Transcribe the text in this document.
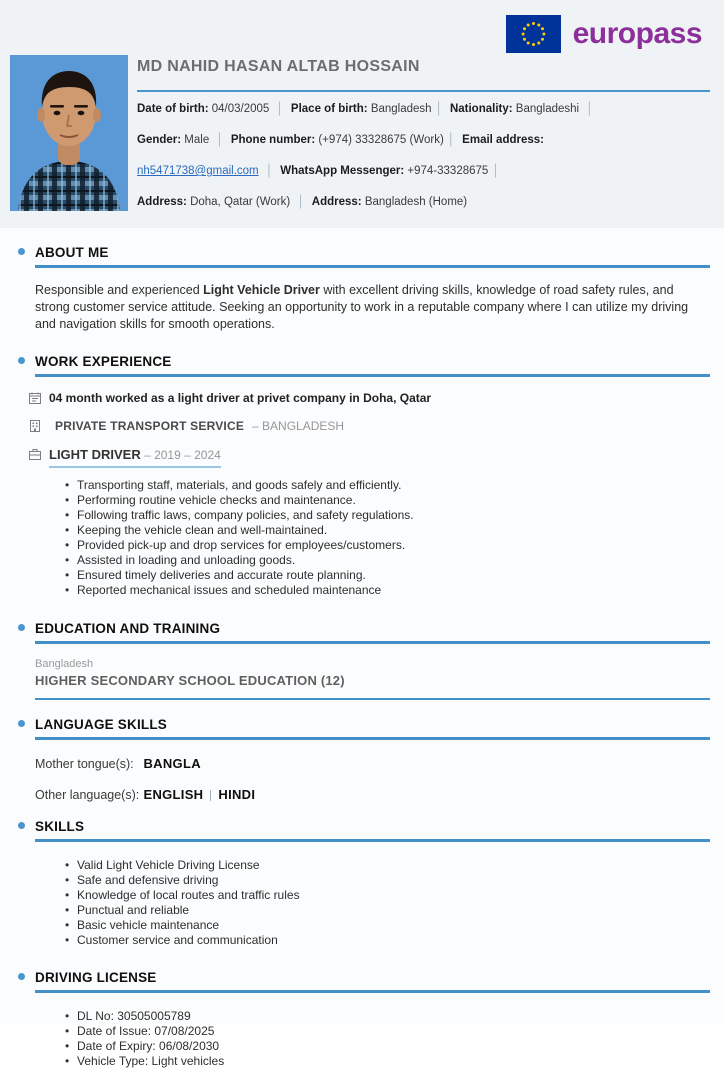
europass
MD NAHID HASAN ALTAB HOSSAIN
Date of birth: 04/03/2005 │ Place of birth: Bangladesh │ Nationality: Bangladeshi │
Gender: Male │ Phone number: (+974) 33328675 (Work) │ Email address:
nh5471738@gmail.com │ WhatsApp Messenger: +974-33328675 │
Address: Doha, Qatar (Work) │ Address: Bangladesh (Home)
ABOUT ME
Responsible and experienced Light Vehicle Driver with excellent driving skills, knowledge of road safety rules, and strong customer service attitude. Seeking an opportunity to work in a reputable company where I can utilize my driving and navigation skills for smooth operations.
WORK EXPERIENCE
04 month worked as a light driver at privet company in Doha, Qatar
PRIVATE TRANSPORT SERVICE – BANGLADESH
LIGHT DRIVER – 2019 – 2024
• Transporting staff, materials, and goods safely and efficiently.
• Performing routine vehicle checks and maintenance.
• Following traffic laws, company policies, and safety regulations.
• Keeping the vehicle clean and well-maintained.
• Provided pick-up and drop services for employees/customers.
• Assisted in loading and unloading goods.
• Ensured timely deliveries and accurate route planning.
• Reported mechanical issues and scheduled maintenance
EDUCATION AND TRAINING
Bangladesh
HIGHER SECONDARY SCHOOL EDUCATION (12)
LANGUAGE SKILLS
Mother tongue(s): BANGLA
Other language(s): ENGLISH HINDI
SKILLS
• Valid Light Vehicle Driving License
• Safe and defensive driving
• Knowledge of local routes and traffic rules
• Punctual and reliable
• Basic vehicle maintenance
• Customer service and communication
DRIVING LICENSE
• DL No: 30505005789
• Date of Issue: 07/08/2025
• Date of Expiry: 06/08/2030
• Vehicle Type: Light vehicles
